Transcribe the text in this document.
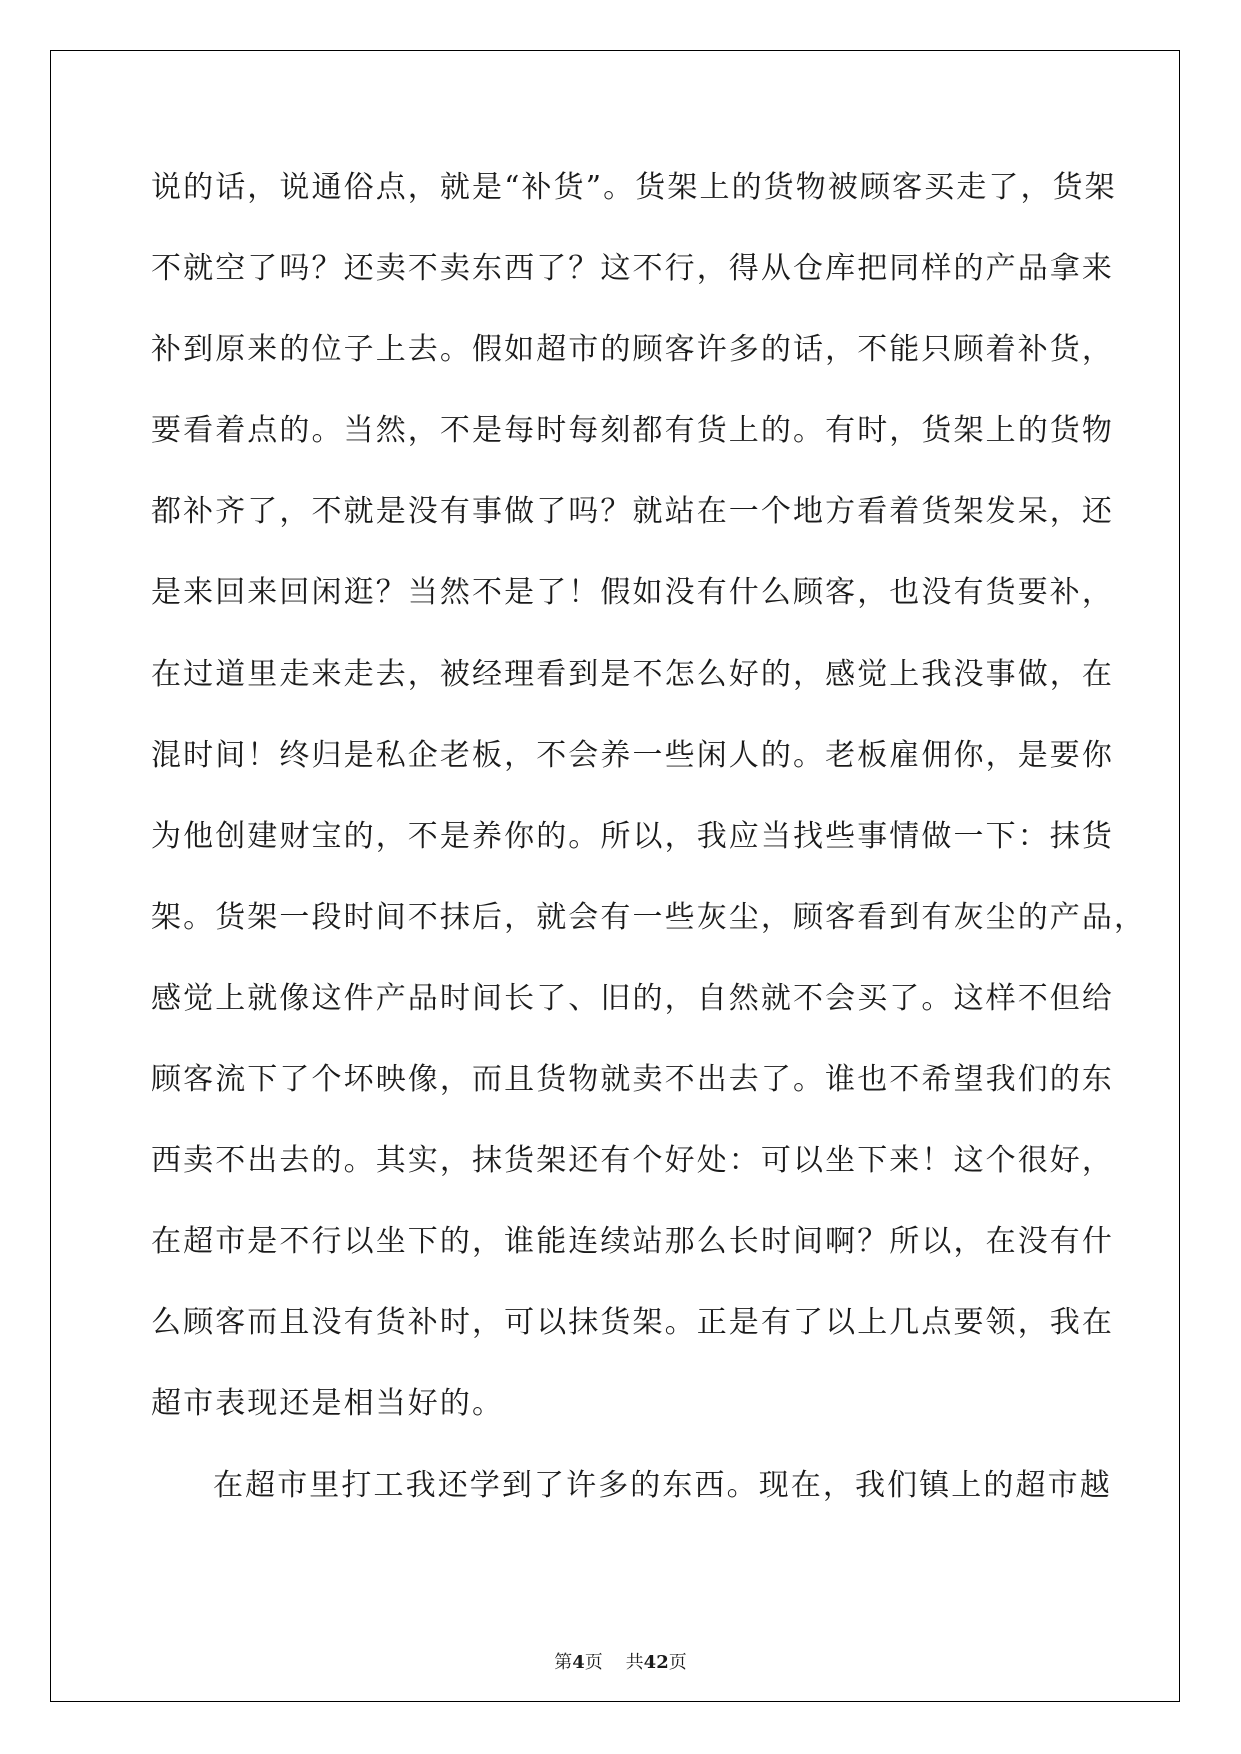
说的话，说通俗点，就是“补货”。货架上的货物被顾客买走了，货架
不就空了吗？还卖不卖东西了？这不行，得从仓库把同样的产品拿来
补到原来的位子上去。假如超市的顾客许多的话，不能只顾着补货，
要看着点的。当然，不是每时每刻都有货上的。有时，货架上的货物
都补齐了，不就是没有事做了吗？就站在一个地方看着货架发呆，还
是来回来回闲逛？当然不是了！假如没有什么顾客，也没有货要补，
在过道里走来走去，被经理看到是不怎么好的，感觉上我没事做，在
混时间！终归是私企老板，不会养一些闲人的。老板雇佣你，是要你
为他创建财宝的，不是养你的。所以，我应当找些事情做一下：抹货
架。货架一段时间不抹后，就会有一些灰尘，顾客看到有灰尘的产品，
感觉上就像这件产品时间长了、旧的，自然就不会买了。这样不但给
顾客流下了个坏映像，而且货物就卖不出去了。谁也不希望我们的东
西卖不出去的。其实，抹货架还有个好处：可以坐下来！这个很好，
在超市是不行以坐下的，谁能连续站那么长时间啊？所以，在没有什
么顾客而且没有货补时，可以抹货架。正是有了以上几点要领，我在
超市表现还是相当好的。
在超市里打工我还学到了许多的东西。现在，我们镇上的超市越
第4页    共42页
